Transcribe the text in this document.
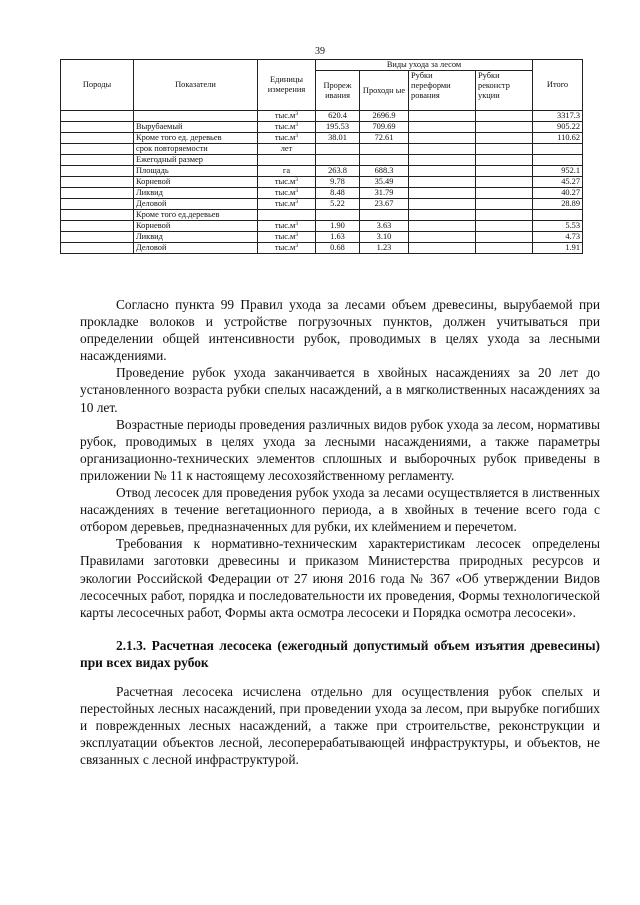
39
Породы	Показатели	Единицы измерения	Виды ухода за лесом				Итого
			Прореж ивания	Проходн ые	Рубки переформи рования	Рубки реконстр укции	
		$тыс.м^3$	620.4	2696.9			3317.3
	Вырубаемый	$тыс.м^3$	195.53	709.69			905.22
	Кроме того ед. деревьев	$тыс.м^3$	38.01	72.61			110.62
	срок повторяемости	лет					
	Ежегодный размер						
	Площадь	га	263.8	688.3			952.1
	Корневой	$тыс.м^3$	9.78	35.49			45.27
	Ликвид	$тыс.м^3$	8.48	31.79			40.27
	Деловой	$тыс.м^3$	5.22	23.67			28.89
	Кроме того ед.деревьев						
	Корневой	$тыс.м^3$	1.90	3.63			5.53
	Ликвид	$тыс.м^3$	1.63	3.10			4.73
	Деловой	$тыс.м^3$	0.68	1.23			1.91

Согласно пункта 99 Правил ухода за лесами объем древесины, вырубаемой при прокладке волоков и устройстве погрузочных пунктов, должен учитываться при определении общей интенсивности рубок, проводимых в целях ухода за лесными насаждениями.

Проведение рубок ухода заканчивается в хвойных насаждениях за 20 лет до установленного возраста рубки спелых насаждений, а в мягколиственных насаждениях за 10 лет.

Возрастные периоды проведения различных видов рубок ухода за лесом, нормативы рубок, проводимых в целях ухода за лесными насаждениями, а также параметры организационно-технических элементов сплошных и выборочных рубок приведены в приложении № 11 к настоящему лесохозяйственному регламенту.

Отвод лесосек для проведения рубок ухода за лесами осуществляется в лиственных насаждениях в течение вегетационного периода, а в хвойных в течение всего года с отбором деревьев, предназначенных для рубки, их клеймением и перечетом.

Требования к нормативно-техническим характеристикам лесосек определены Правилами заготовки древесины и приказом Министерства природных ресурсов и экологии Российской Федерации от 27 июня 2016 года № 367 «Об утверждении Видов лесосечных работ, порядка и последовательности их проведения, Формы технологической карты лесосечных работ, Формы акта осмотра лесосеки и Порядка осмотра лесосеки».

2.1.3. Расчетная лесосека (ежегодный допустимый объем изъятия древесины) при всех видах рубок

Расчетная лесосека исчислена отдельно для осуществления рубок спелых и перестойных лесных насаждений, при проведении ухода за лесом, при вырубке погибших и поврежденных лесных насаждений, а также при строительстве, реконструкции и эксплуатации объектов лесной, лесоперерабатывающей инфраструктуры, и объектов, не связанных с лесной инфраструктурой.
